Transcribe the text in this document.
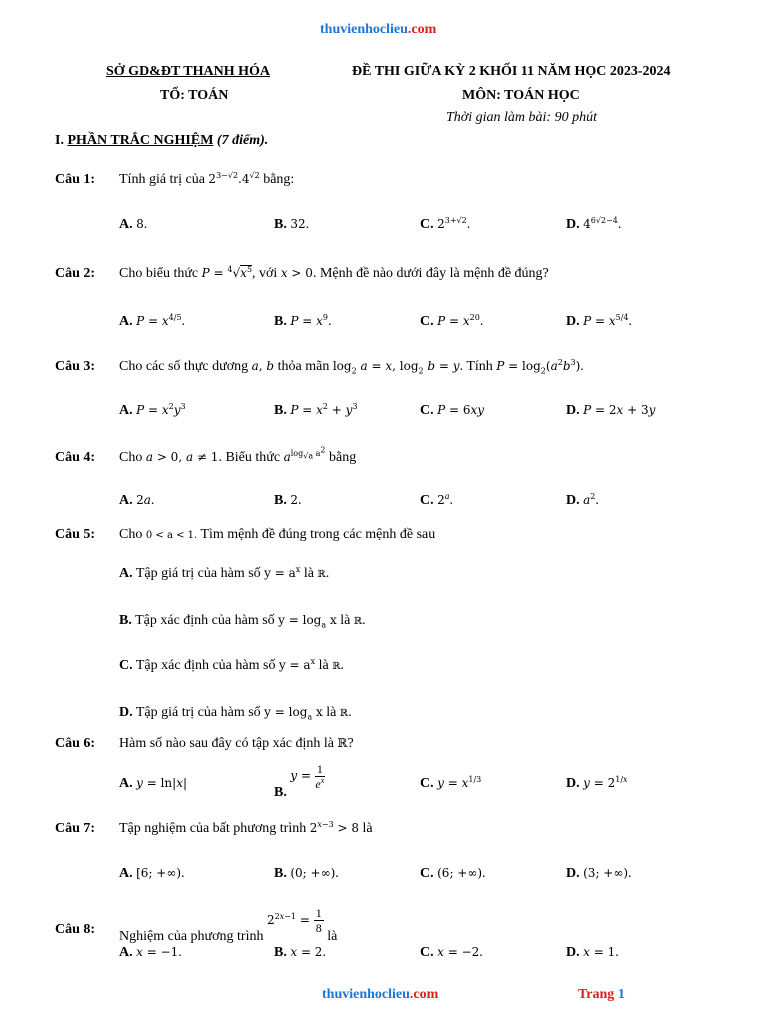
thuvienhoclieu.com
SỞ GD&ĐT THANH HÓA
TỔ: TOÁN
ĐỀ THI GIỮA KỲ 2 KHỐI 11 NĂM HỌC 2023-2024
MÔN: TOÁN HỌC
Thời gian làm bài: 90 phút
I. PHẦN TRẮC NGHIỆM (7 điểm).
Câu 1: Tính giá trị của $2^{3-√2}.4^{√2}$ bằng:
A. 8.	B. 32.	C. $2^{3+√2}$.	D. $4^{6√2-4}$.
Câu 2: Cho biểu thức $P = ^4√x^5$, với x > 0. Mệnh đề nào dưới đây là mệnh đề đúng?
A. $P = x^{4/5}$.	B. $P = x^9$.	C. $P = x^{20}$.	D. $P = x^{5/4}$.
Câu 3: Cho các số thực dương a, b thỏa mãn $\log_2 a = x$, $\log_2 b = y$. Tính $P = \log_2(a^2b^3)$.
A. $P = x^2y^3$	B. $P = x^2 + y^3$	C. P = 6xy	D. P = 2x + 3y
Câu 4: Cho a > 0, a ≠ 1. Biểu thức $a^{log_{√a} a^2}$ bằng
A. 2a.	B. 2.	C. 2$^a$.	D. $a^2$.
Câu 5: Cho 0 < a < 1. Tìm mệnh đề đúng trong các mệnh đề sau
A. Tập giá trị của hàm số $y = a^x$ là ℝ.
B. Tập xác định của hàm số $y = \log_a x$ là ℝ.
C. Tập xác định của hàm số $y = a^x$ là ℝ.
D. Tập giá trị của hàm số $y = \log_a x$ là ℝ.
Câu 6: Hàm số nào sau đây có tập xác định là ℝ?
A. y = ln|x|
B. $y = \frac{1}{e^x}$	C. $y = x^{1/3}$	D. $y = 2^{1/x}$
Câu 7: Tập nghiệm của bất phương trình $2^{x-3} > 8$ là
A. [6; +∞).	B. (0; +∞).	C. (6; +∞).	D. (3; +∞).
Câu 8: Nghiệm của phương trình $2^{2x-1} = \frac{1}{8}$
là
A. x = −1.	B. x = 2.	C. x = −2.	D. x = 1.
thuvienhoclieu.com	Trang 1
